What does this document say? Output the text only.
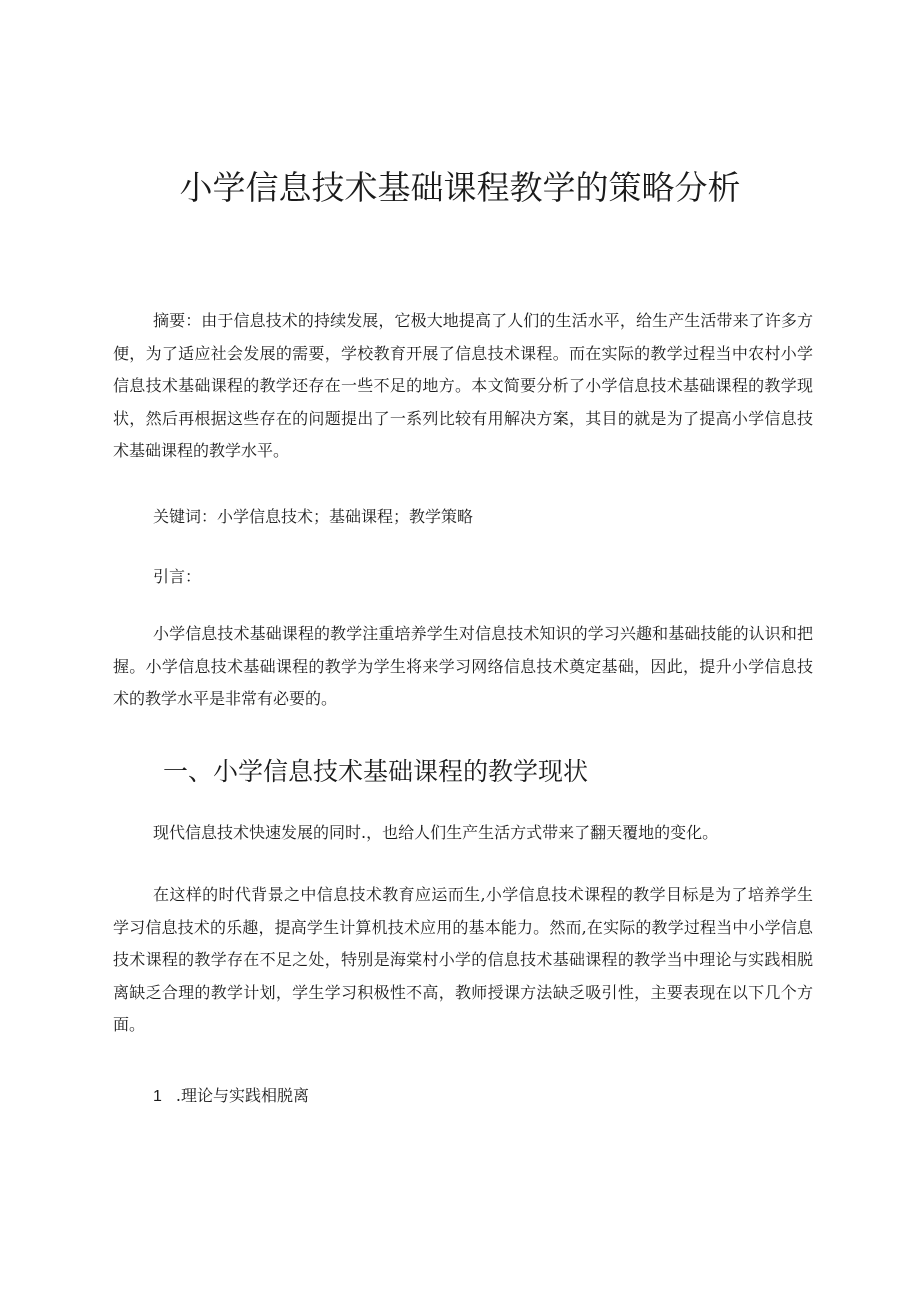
小学信息技术基础课程教学的策略分析

摘要：由于信息技术的持续发展，它极大地提高了人们的生活水平，给生产生活带来了许多方便，为了适应社会发展的需要，学校教育开展了信息技术课程。而在实际的教学过程当中农村小学信息技术基础课程的教学还存在一些不足的地方。本文简要分析了小学信息技术基础课程的教学现状，然后再根据这些存在的问题提出了一系列比较有用解决方案，其目的就是为了提高小学信息技术基础课程的教学水平。

关键词：小学信息技术；基础课程；教学策略

引言：

小学信息技术基础课程的教学注重培养学生对信息技术知识的学习兴趣和基础技能的认识和把握。小学信息技术基础课程的教学为学生将来学习网络信息技术奠定基础，因此，提升小学信息技术的教学水平是非常有必要的。

一、小学信息技术基础课程的教学现状

现代信息技术快速发展的同时.，也给人们生产生活方式带来了翻天覆地的变化。

在这样的时代背景之中信息技术教育应运而生,小学信息技术课程的教学目标是为了培养学生学习信息技术的乐趣，提高学生计算机技术应用的基本能力。然而,在实际的教学过程当中小学信息技术课程的教学存在不足之处，特别是海棠村小学的信息技术基础课程的教学当中理论与实践相脱离缺乏合理的教学计划，学生学习积极性不高，教师授课方法缺乏吸引性，主要表现在以下几个方面。

1 .理论与实践相脱离
